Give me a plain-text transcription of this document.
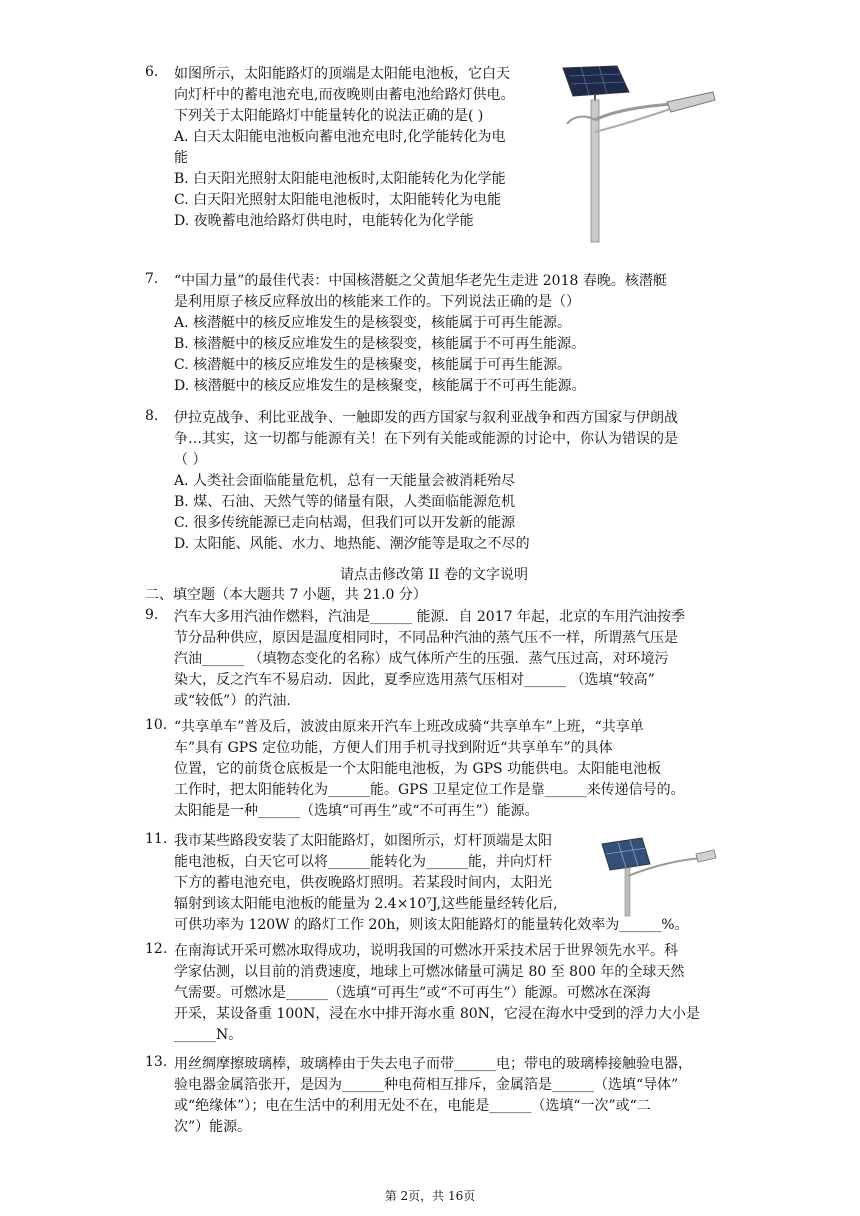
6.	如图所示，太阳能路灯的顶端是太阳能电池板，它白天
向灯杆中的蓄电池充电,而夜晚则由蓄电池给路灯供电。
下列关于太阳能路灯中能量转化的说法正确的是( )
A. 白天太阳能电池板向蓄电池充电时,化学能转化为电
能
B. 白天阳光照射太阳能电池板时,太阳能转化为化学能
C. 白天阳光照射太阳能电池板时，太阳能转化为电能
D. 夜晚蓄电池给路灯供电时，电能转化为化学能
7.	“中国力量”的最佳代表：中国核潜艇之父黄旭华老先生走进 2018 春晚。核潜艇
是利用原子核反应释放出的核能来工作的。下列说法正确的是（）
A. 核潜艇中的核反应堆发生的是核裂变，核能属于可再生能源。
B. 核潜艇中的核反应堆发生的是核裂变，核能属于不可再生能源。
C. 核潜艇中的核反应堆发生的是核聚变，核能属于可再生能源。
D. 核潜艇中的核反应堆发生的是核聚变，核能属于不可再生能源。
8.	伊拉克战争、利比亚战争、一触即发的西方国家与叙利亚战争和西方国家与伊朗战
争…其实，这一切都与能源有关！在下列有关能或能源的讨论中，你认为错误的是
（ ）
A. 人类社会面临能量危机，总有一天能量会被消耗殆尽
B. 煤、石油、天然气等的储量有限，人类面临能源危机
C. 很多传统能源已走向枯竭，但我们可以开发新的能源
D. 太阳能、风能、水力、地热能、潮汐能等是取之不尽的
请点击修改第 II 卷的文字说明
二、填空题（本大题共 7 小题，共 21.0 分）
9.	汽车大多用汽油作燃料，汽油是______ 能源．自 2017 年起，北京的车用汽油按季
节分品种供应，原因是温度相同时，不同品种汽油的蒸气压不一样，所谓蒸气压是
汽油______ （填物态变化的名称）成气体所产生的压强．蒸气压过高，对环境污
染大，反之汽车不易启动．因此，夏季应选用蒸气压相对______ （选填“较高”
或“较低”）的汽油．
10. “共享单车”普及后，波波由原来开汽车上班改成骑“共享单车”上班，“共享单
车”具有 GPS 定位功能，方便人们用手机寻找到附近“共享单车”的具体
位置，它的前货仓底板是一个太阳能电池板，为 GPS 功能供电。太阳能电池板
工作时，把太阳能转化为______能。GPS 卫星定位工作是靠______来传递信号的。
太阳能是一种______（选填“可再生”或“不可再生”）能源。
11. 我市某些路段安装了太阳能路灯，如图所示，灯杆顶端是太阳
能电池板，白天它可以将______能转化为______能，并向灯杆
下方的蓄电池充电，供夜晚路灯照明。若某段时间内，太阳光
辐射到该太阳能电池板的能量为 2.4×10⁷J,这些能量经转化后,
可供功率为 120W 的路灯工作 20h，则该太阳能路灯的能量转化效率为______%。
12. 在南海试开采可燃冰取得成功，说明我国的可燃冰开采技术居于世界领先水平。科
学家估测，以目前的消费速度，地球上可燃冰储量可满足 80 至 800 年的全球天然
气需要。可燃冰是______（选填“可再生”或“不可再生”）能源。可燃冰在深海
开采，某设备重 100N，浸在水中排开海水重 80N，它浸在海水中受到的浮力大小是
______N。
13. 用丝绸摩擦玻璃棒，玻璃棒由于失去电子而带______电；带电的玻璃棒接触验电器，
验电器金属箔张开，是因为______种电荷相互排斥，金属箔是______（选填“导体”
或“绝缘体”）；电在生活中的利用无处不在，电能是______（选填“一次”或“二
次”）能源。
第 2页，共 16页
